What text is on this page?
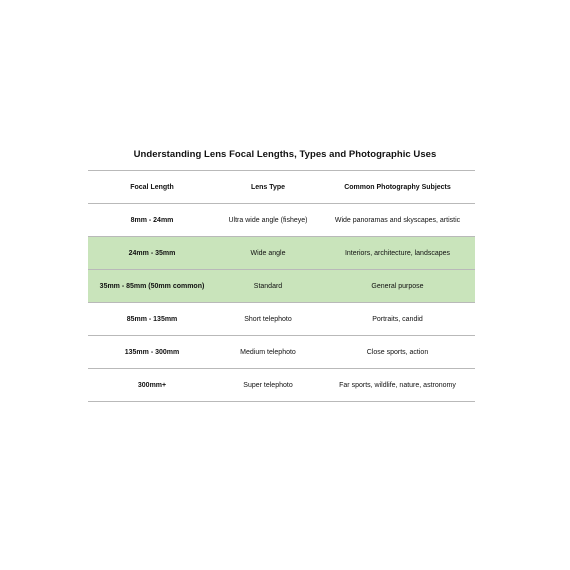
Understanding Lens Focal Lengths, Types and Photographic Uses
Focal Length	Lens Type	Common Photography Subjects
8mm - 24mm	Ultra wide angle (fisheye)	Wide panoramas and skyscapes, artistic
24mm - 35mm	Wide angle	Interiors, architecture, landscapes
35mm - 85mm (50mm common)	Standard	General purpose
85mm - 135mm	Short telephoto	Portraits, candid
135mm - 300mm	Medium telephoto	Close sports, action
300mm+	Super telephoto	Far sports, wildlife, nature, astronomy
